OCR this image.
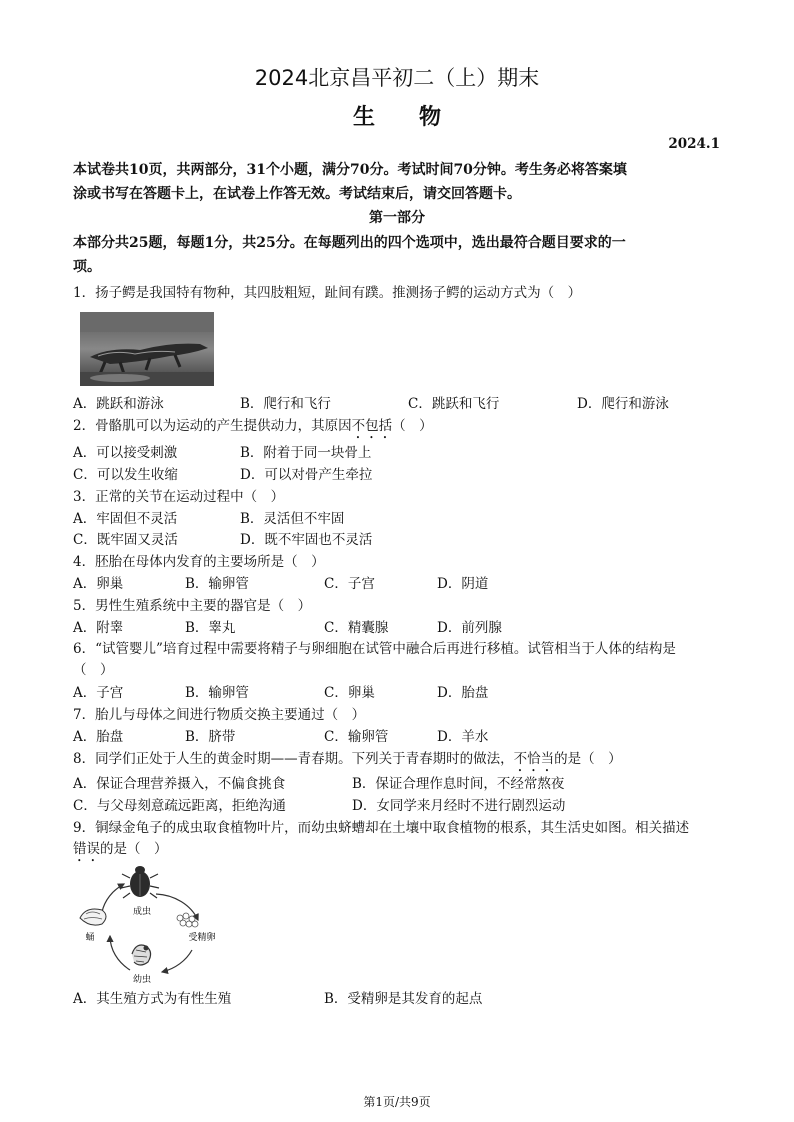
2024北京昌平初二（上）期末
生　　物
2024.1
本试卷共10页，共两部分，31个小题，满分70分。考试时间70分钟。考生务必将答案填
涂或书写在答题卡上，在试卷上作答无效。考试结束后，请交回答题卡。
第一部分
本部分共25题，每题1分，共25分。在每题列出的四个选项中，选出最符合题目要求的一
项。
1．扬子鳄是我国特有物种，其四肢粗短，趾间有蹼。推测扬子鳄的运动方式为（　）
A．跳跃和游泳	B．爬行和飞行	C．跳跃和飞行	D．爬行和游泳
2．骨骼肌可以为运动的产生提供动力，其原因不包括（　）
A．可以接受刺激	B．附着于同一块骨上
C．可以发生收缩	D．可以对骨产生牵拉
3．正常的关节在运动过程中（　）
A．牢固但不灵活	B．灵活但不牢固
C．既牢固又灵活	D．既不牢固也不灵活
4．胚胎在母体内发育的主要场所是（　）
A．卵巢	B．输卵管	C．子宫	D．阴道
5．男性生殖系统中主要的器官是（　）
A．附睾	B．睾丸	C．精囊腺	D．前列腺
6．“试管婴儿”培育过程中需要将精子与卵细胞在试管中融合后再进行移植。试管相当于人体的结构是
（　）
A．子宫	B．输卵管	C．卵巢	D．胎盘
7．胎儿与母体之间进行物质交换主要通过（　）
A．胎盘	B．脐带	C．输卵管	D．羊水
8．同学们正处于人生的黄金时期——青春期。下列关于青春期时的做法，不恰当的是（　）
A．保证合理营养摄入，不偏食挑食	B．保证合理作息时间，不经常熬夜
C．与父母刻意疏远距离，拒绝沟通	D．女同学来月经时不进行剧烈运动
9．铜绿金龟子的成虫取食植物叶片，而幼虫蛴螬却在土壤中取食植物的根系，其生活史如图。相关描述
错误的是（　）
成虫
受精卵
幼虫
蛹
A．其生殖方式为有性生殖	B．受精卵是其发育的起点
第1页/共9页
